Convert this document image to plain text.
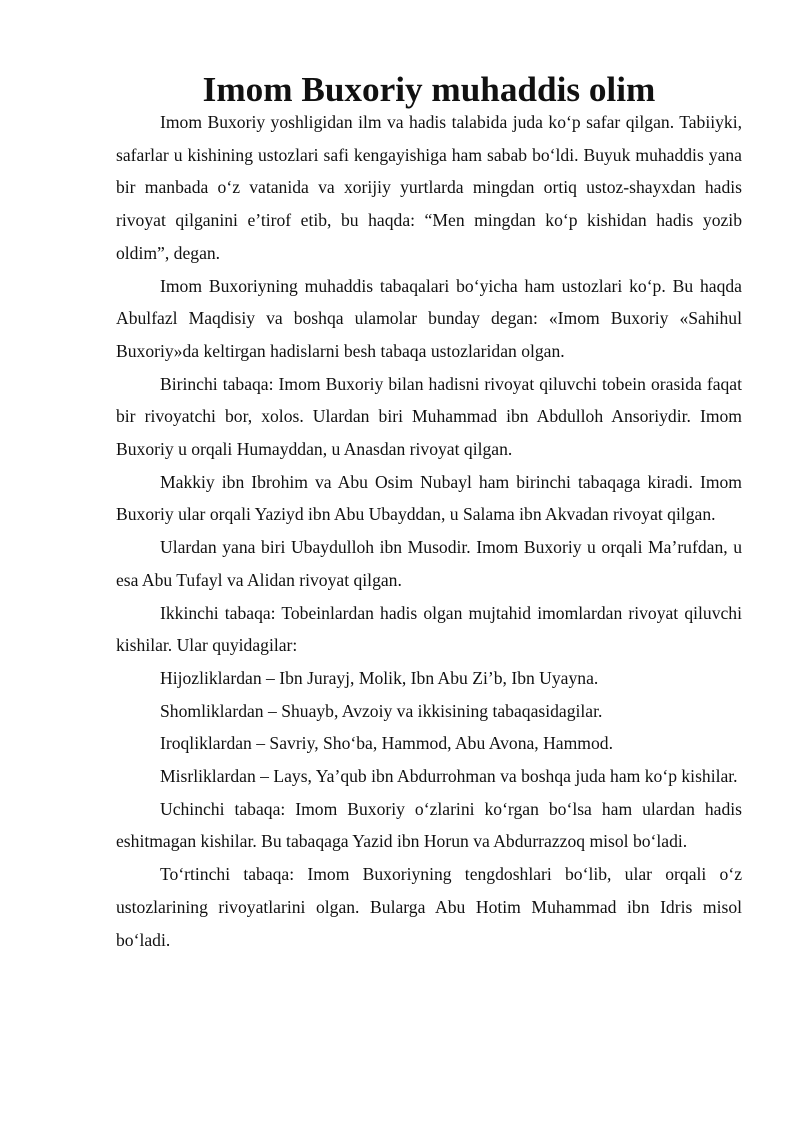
Imom Buxoriy muhaddis olim

Imom Buxoriy yoshligidan ilm va hadis talabida juda ko‘p safar qilgan. Tabiiyki, safarlar u kishining ustozlari safi kengayishiga ham sabab bo‘ldi. Buyuk muhaddis yana bir manbada o‘z vatanida va xorijiy yurtlarda mingdan ortiq ustoz-shayxdan hadis rivoyat qilganini e’tirof etib, bu haqda: “Men mingdan ko‘p kishidan hadis yozib oldim”, degan.

Imom Buxoriyning muhaddis tabaqalari bo‘yicha ham ustozlari ko‘p. Bu haqda Abulfazl Maqdisiy va boshqa ulamolar bunday degan: «Imom Buxoriy «Sahihul Buxoriy»da keltirgan hadislarni besh tabaqa ustozlaridan olgan.

Birinchi tabaqa: Imom Buxoriy bilan hadisni rivoyat qiluvchi tobein orasida faqat bir rivoyatchi bor, xolos. Ulardan biri Muhammad ibn Abdulloh Ansoriydir. Imom Buxoriy u orqali Humayddan, u Anasdan rivoyat qilgan.

Makkiy ibn Ibrohim va Abu Osim Nubayl ham birinchi tabaqaga kiradi. Imom Buxoriy ular orqali Yaziyd ibn Abu Ubayddan, u Salama ibn Akvadan rivoyat qilgan.

Ulardan yana biri Ubaydulloh ibn Musodir. Imom Buxoriy u orqali Ma’rufdan, u esa Abu Tufayl va Alidan rivoyat qilgan.

Ikkinchi tabaqa: Tobeinlardan hadis olgan mujtahid imomlardan rivoyat qiluvchi kishilar. Ular quyidagilar:

Hijozliklardan – Ibn Jurayj, Molik, Ibn Abu Zi’b, Ibn Uyayna.

Shomliklardan – Shuayb, Avzoiy va ikkisining tabaqasidagilar.

Iroqliklardan – Savriy, Sho‘ba, Hammod, Abu Avona, Hammod.

Misrliklardan – Lays, Ya’qub ibn Abdurrohman va boshqa juda ham ko‘p kishilar.

Uchinchi tabaqa: Imom Buxoriy o‘zlarini ko‘rgan bo‘lsa ham ulardan hadis eshitmagan kishilar. Bu tabaqaga Yazid ibn Horun va Abdurrazzoq misol bo‘ladi.

To‘rtinchi tabaqa: Imom Buxoriyning tengdoshlari bo‘lib, ular orqali o‘z ustozlarining rivoyatlarini olgan. Bularga Abu Hotim Muhammad ibn Idris misol bo‘ladi.
